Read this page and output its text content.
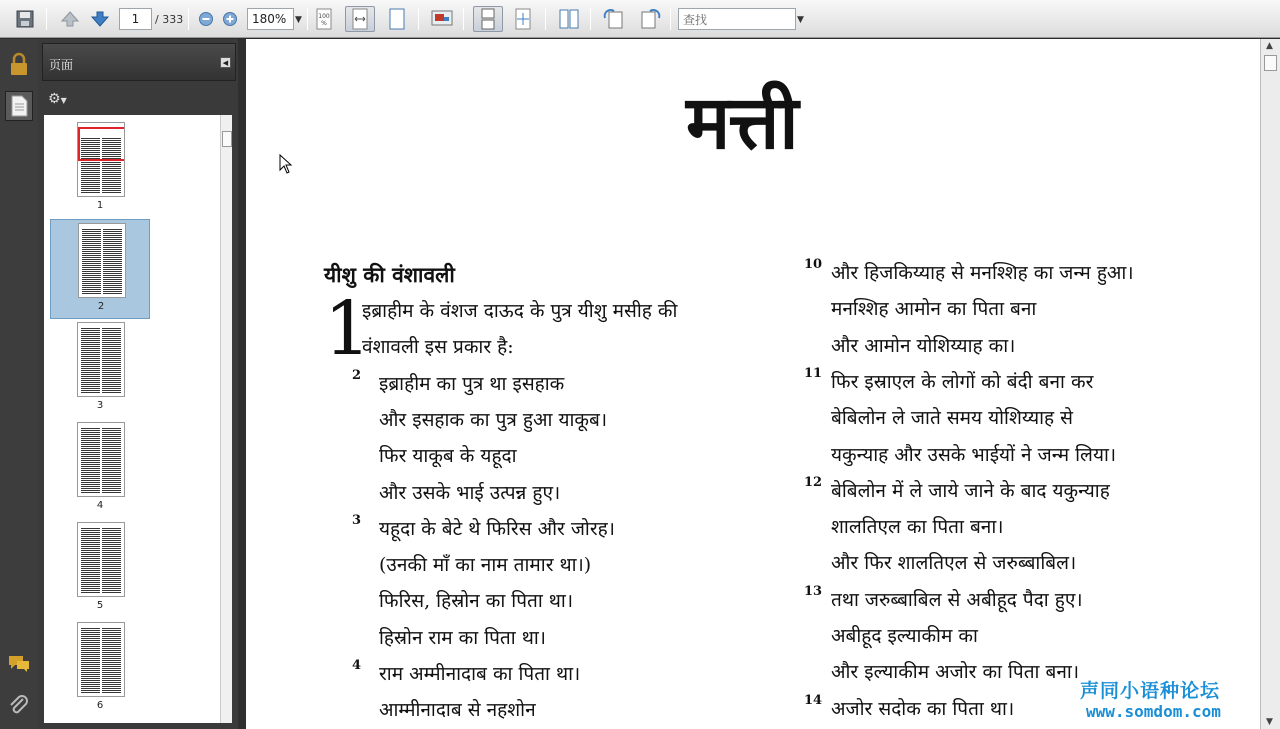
1	/ 333	180% ▼	100
%	查找	▼
页面	◀
⚙▼
1
2
3
4
5
6
मत्ती
यीशु की वंशावली
1
इब्राहीम के वंशज दाऊद के पुत्र यीशु मसीह की
वंशावली इस प्रकार है:
2 इब्राहीम का पुत्र था इसहाक
और इसहाक का पुत्र हुआ याकूब।
फिर याकूब के यहूदा
और उसके भाई उत्पन्न हुए।
3 यहूदा के बेटे थे फिरिस और जोरह।
(उनकी माँ का नाम तामार था।)
फिरिस, हिस्रोन का पिता था।
हिस्रोन राम का पिता था।
4 राम अम्मीनादाब का पिता था।
आम्मीनादाब से नहशोन
10 और हिजकिय्याह से मनश्शिह का जन्म हुआ।
मनश्शिह आमोन का पिता बना
और आमोन योशिय्याह का।
11 फिर इस्राएल के लोगों को बंदी बना कर
बेबिलोन ले जाते समय योशिय्याह से
यकुन्याह और उसके भाईयों ने जन्म लिया।
12 बेबिलोन में ले जाये जाने के बाद यकुन्याह
शालतिएल का पिता बना।
और फिर शालतिएल से जरुब्बाबिल।
13 तथा जरुब्बाबिल से अबीहूद पैदा हुए।
अबीहूद इल्याकीम का
और इल्याकीम अजोर का पिता बना।
14 अजोर सदोक का पिता था।
▲
▼
声同小语种论坛
www.somdom.com
